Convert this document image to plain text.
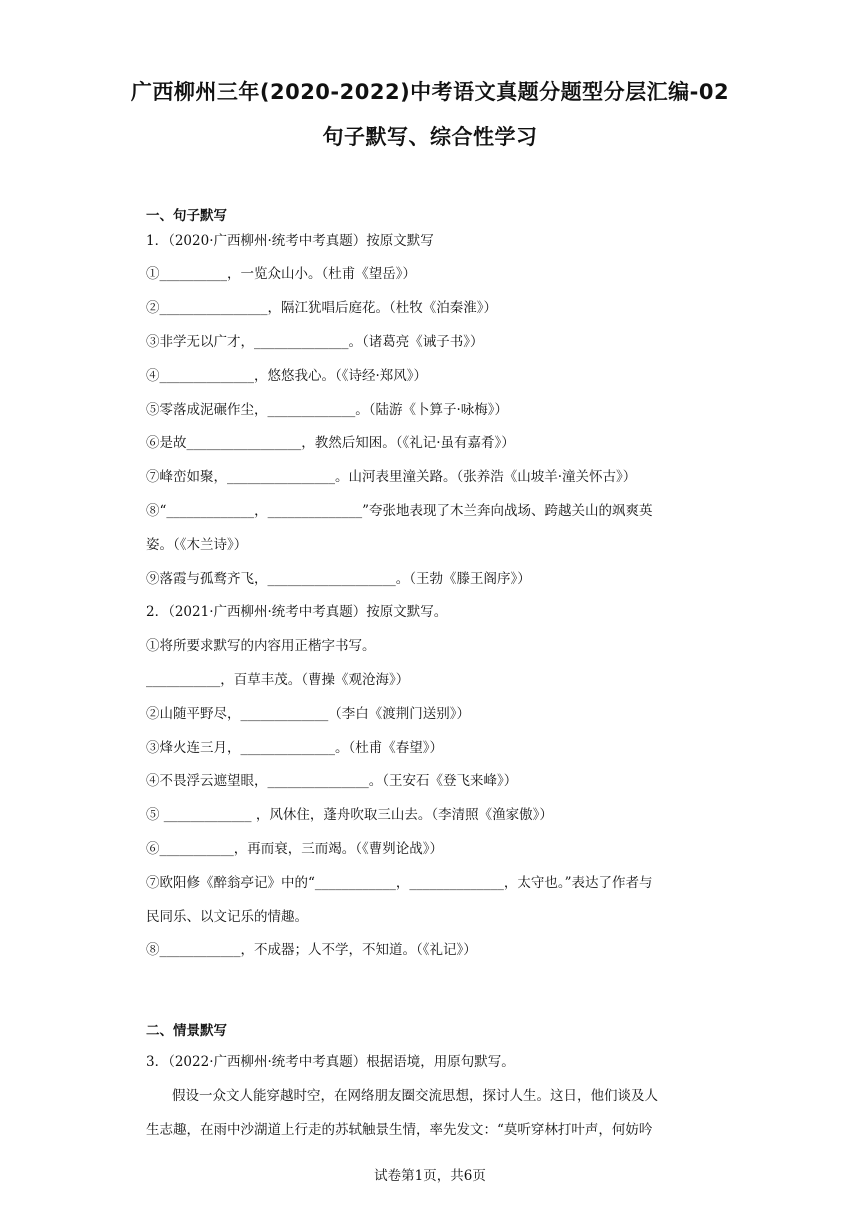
广西柳州三年(2020-2022)中考语文真题分题型分层汇编-02
句子默写、综合性学习
一、句子默写
1．（2020·广西柳州·统考中考真题）按原文默写
①__________，一览众山小。（杜甫《望岳》）
②________________，隔江犹唱后庭花。（杜牧《泊秦淮》）
③非学无以广才，______________。（诸葛亮《诫子书》）
④______________，悠悠我心。（《诗经·郑风》）
⑤零落成泥碾作尘，_____________。（陆游《卜算子·咏梅》）
⑥是故_________________，教然后知困。（《礼记·虽有嘉肴》）
⑦峰峦如聚，________________。山河表里潼关路。（张养浩《山坡羊·潼关怀古》）
⑧“_____________，______________”夸张地表现了木兰奔向战场、跨越关山的飒爽英
姿。（《木兰诗》）
⑨落霞与孤鹜齐飞，___________________。（王勃《滕王阁序》）
2．（2021·广西柳州·统考中考真题）按原文默写。
①将所要求默写的内容用正楷字书写。
___________，百草丰茂。（曹操《观沧海》）
②山随平野尽，_____________（李白《渡荆门送别》）
③烽火连三月，______________。（杜甫《春望》）
④不畏浮云遮望眼，_______________。（王安石《登飞来峰》）
⑤ _____________ ，风休住，蓬舟吹取三山去。（李清照《渔家傲》）
⑥___________，再而衰，三而竭。（《曹刿论战》）
⑦欧阳修《醉翁亭记》中的“____________，______________，太守也。”表达了作者与
民同乐、以文记乐的情趣。
⑧____________，不成器；人不学，不知道。（《礼记》）
二、情景默写
3．（2022·广西柳州·统考中考真题）根据语境，用原句默写。
假设一众文人能穿越时空，在网络朋友圈交流思想，探讨人生。这日，他们谈及人
生志趣，在雨中沙湖道上行走的苏轼触景生情，率先发文：“莫听穿林打叶声，何妨吟
试卷第1页，共6页
